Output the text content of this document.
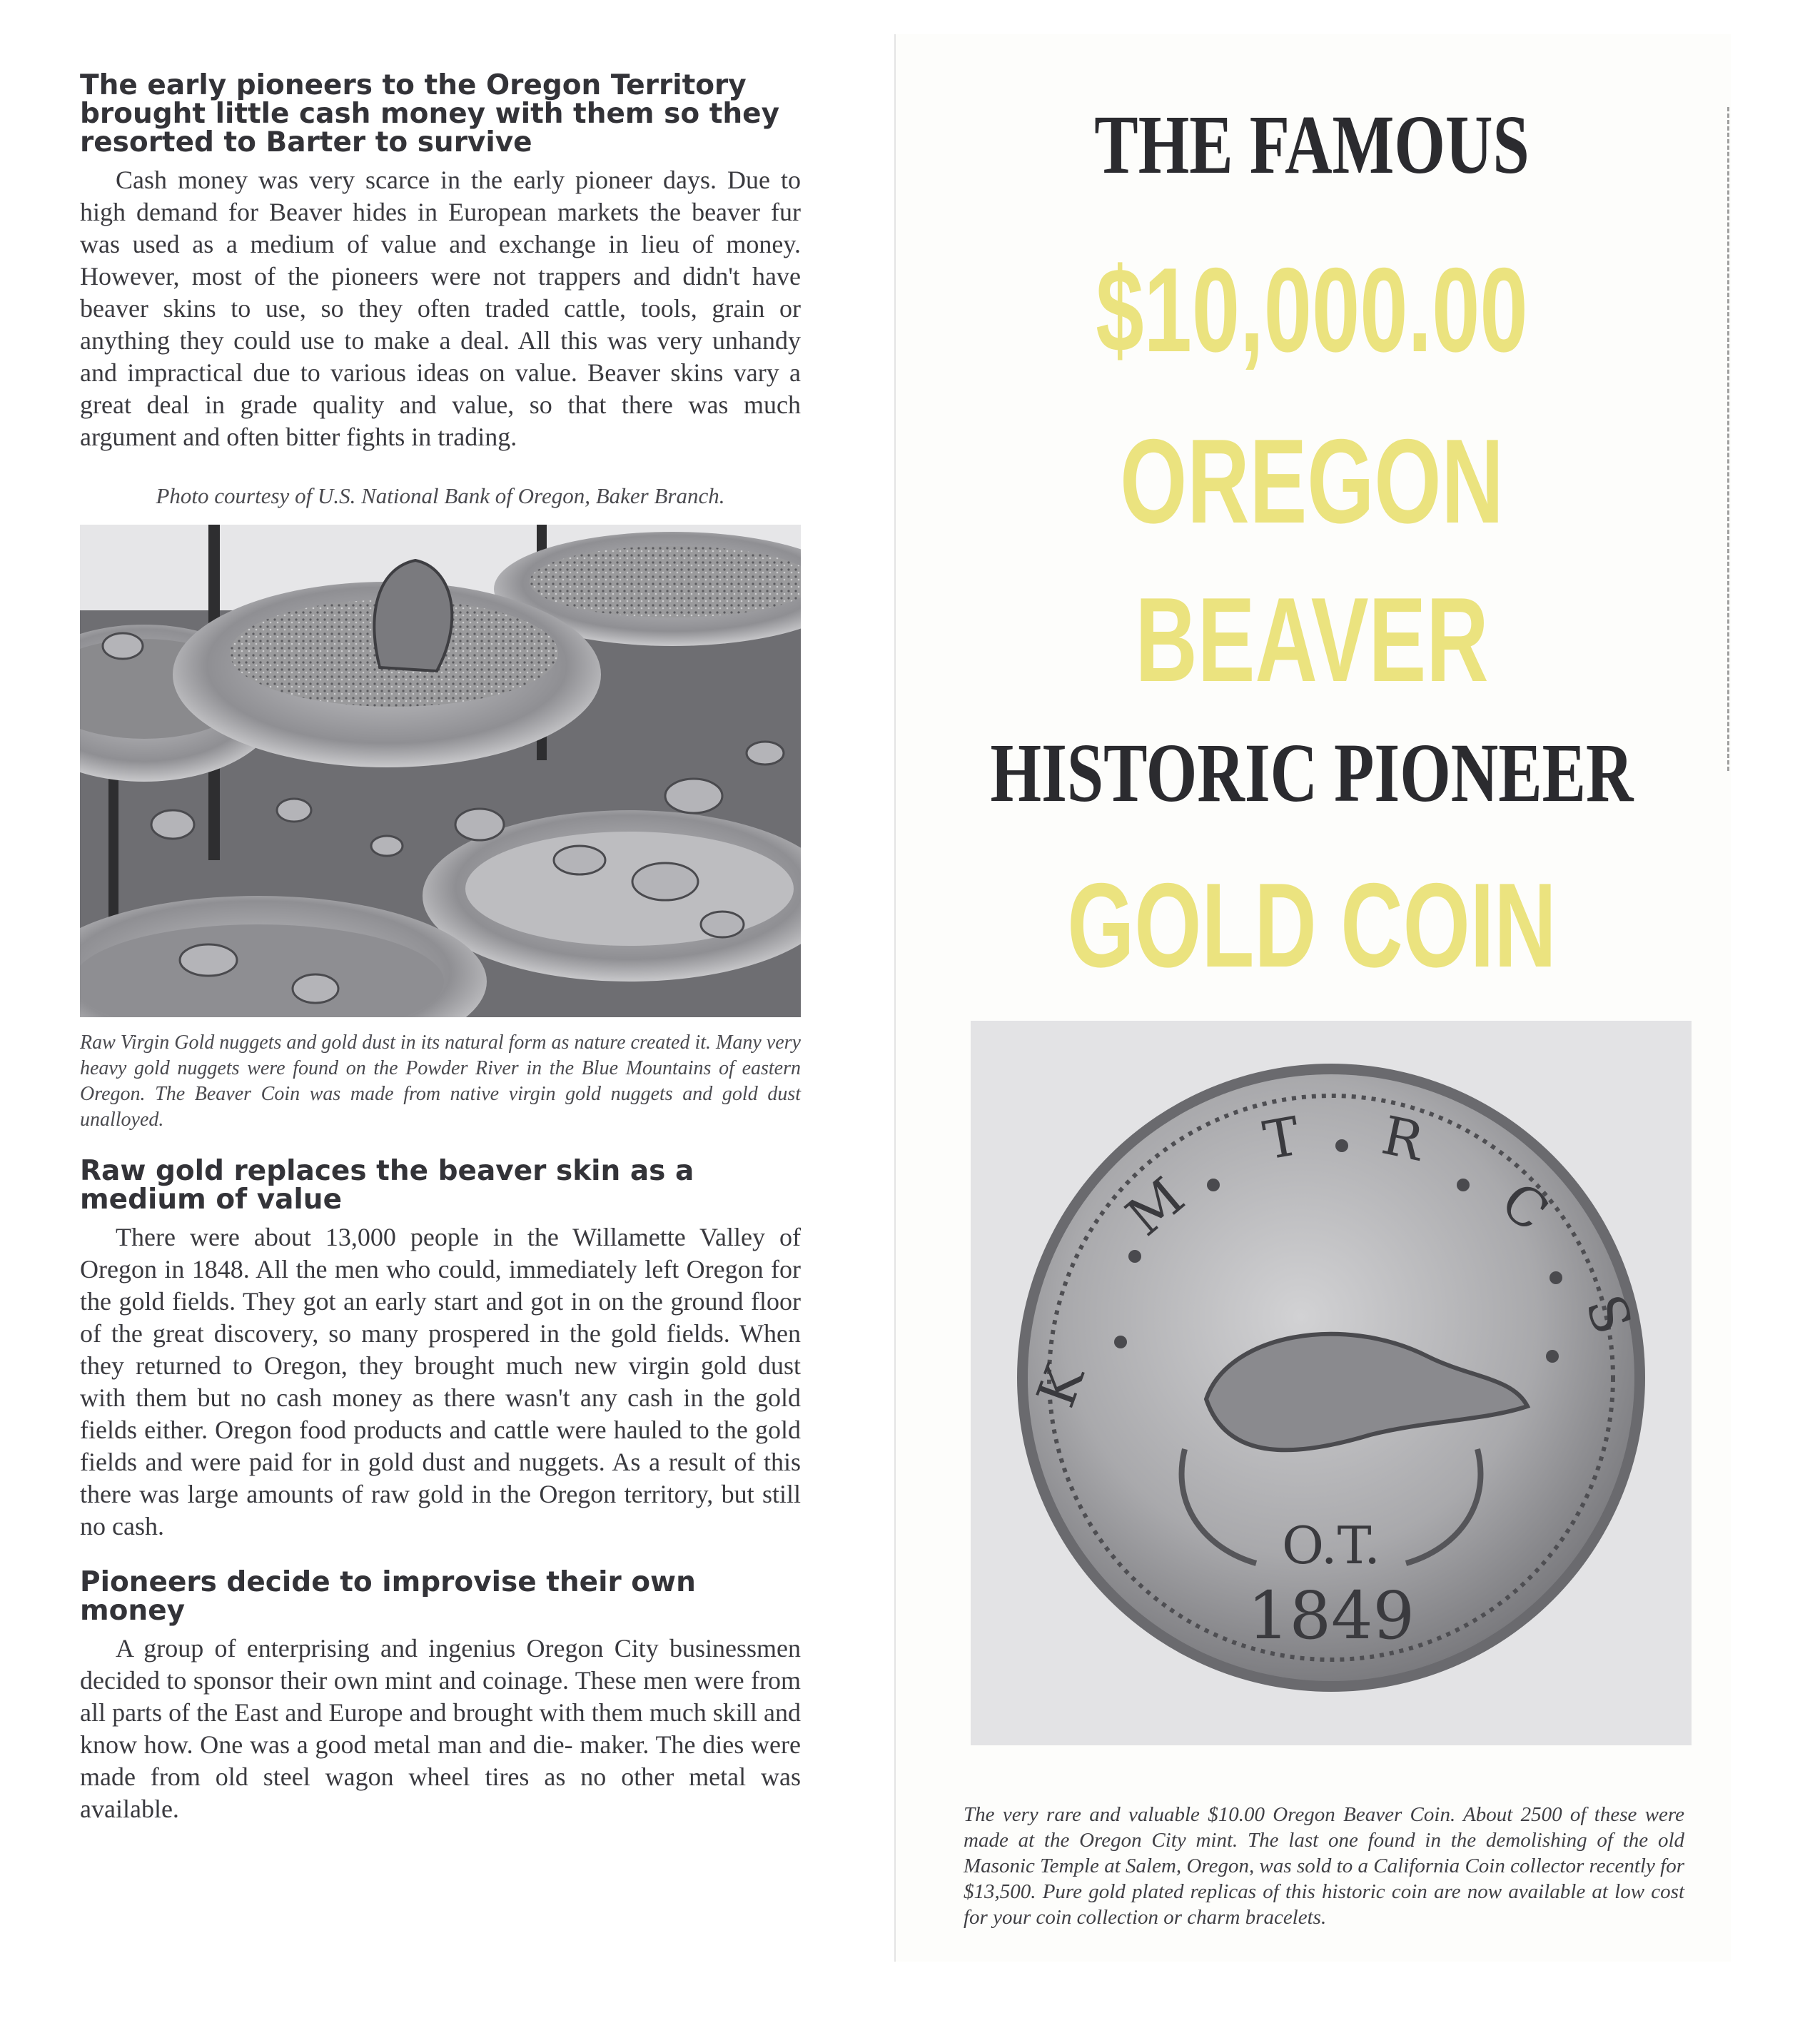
The early pioneers to the Oregon Territory brought little cash money with them so they resorted to Barter to survive

Cash money was very scarce in the early pioneer days. Due to high demand for Beaver hides in European markets the beaver fur was used as a medium of value and exchange in lieu of money. However, most of the pioneers were not trappers and didn't have beaver skins to use, so they often traded cattle, tools, grain or anything they could use to make a deal. All this was very unhandy and impractical due to various ideas on value. Beaver skins vary a great deal in grade quality and value, so that there was much argument and often bitter fights in trading.

Photo courtesy of U.S. National Bank of Oregon, Baker Branch.

Raw Virgin Gold nuggets and gold dust in its natural form as nature created it. Many very heavy gold nuggets were found on the Powder River in the Blue Mountains of eastern Oregon. The Beaver Coin was made from native virgin gold nuggets and gold dust unalloyed.

Raw gold replaces the beaver skin as a medium of value

There were about 13,000 people in the Willamette Valley of Oregon in 1848. All the men who could, immediately left Oregon for the gold fields. They got an early start and got in on the ground floor of the great discovery, so many prospered in the gold fields. When they returned to Oregon, they brought much new virgin gold dust with them but no cash money as there wasn't any cash in the gold fields either. Oregon food products and cattle were hauled to the gold fields and were paid for in gold dust and nuggets. As a result of this there was large amounts of raw gold in the Oregon territory, but still no cash.

Pioneers decide to improvise their own money

A group of enterprising and ingenius Oregon City businessmen decided to sponsor their own mint and coinage. These men were from all parts of the East and Europe and brought with them much skill and know how. One was a good metal man and die- maker. The dies were made from old steel wagon wheel tires as no other metal was available.

THE FAMOUS
$10,000.00
OREGON
BEAVER
HISTORIC PIONEER
GOLD COIN
K
M
T R
C
S
O.T.
1849

The very rare and valuable $10.00 Oregon Beaver Coin. About 2500 of these were made at the Oregon City mint. The last one found in the demolishing of the old Masonic Temple at Salem, Oregon, was sold to a California Coin collector recently for $13,500. Pure gold plated replicas of this historic coin are now available at low cost for your coin collection or charm bracelets.
